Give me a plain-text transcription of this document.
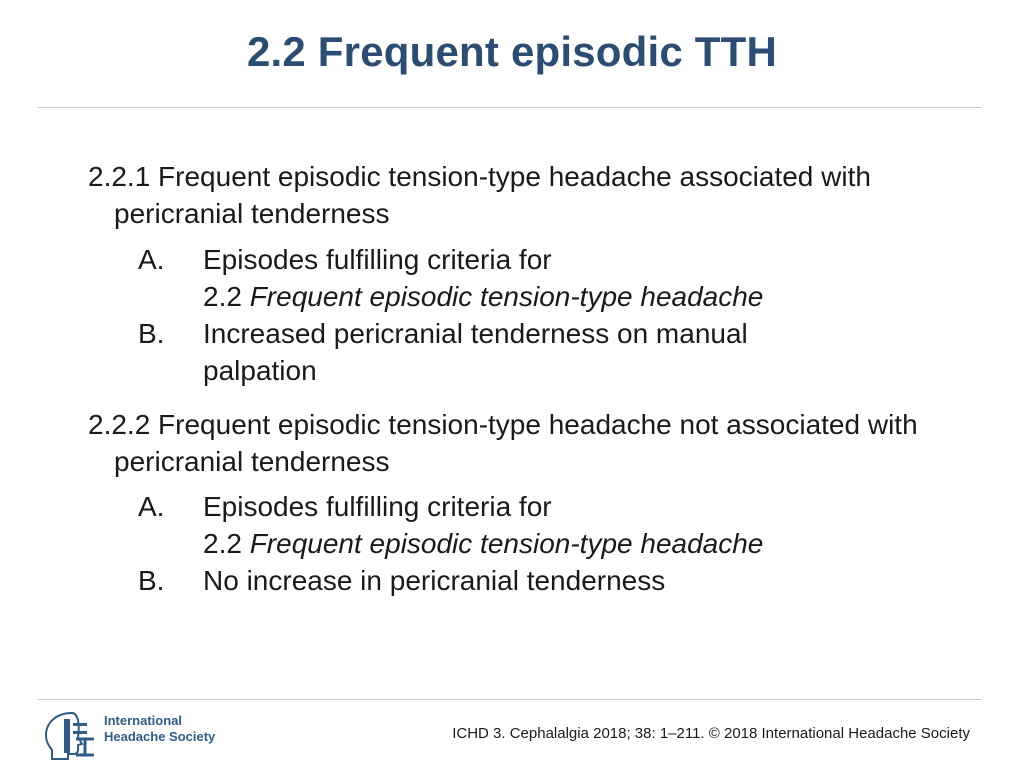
2.2 Frequent episodic TTH
2.2.1 Frequent episodic tension-type headache associated with pericranial tenderness
A. Episodes fulfilling criteria for
2.2 Frequent episodic tension-type headache
B. Increased pericranial tenderness on manual palpation
2.2.2 Frequent episodic tension-type headache not associated with pericranial tenderness
A. Episodes fulfilling criteria for
2.2 Frequent episodic tension-type headache
B. No increase in pericranial tenderness
International
Headache Society	ICHD 3. Cephalalgia 2018; 38: 1–211. © 2018 International Headache Society
